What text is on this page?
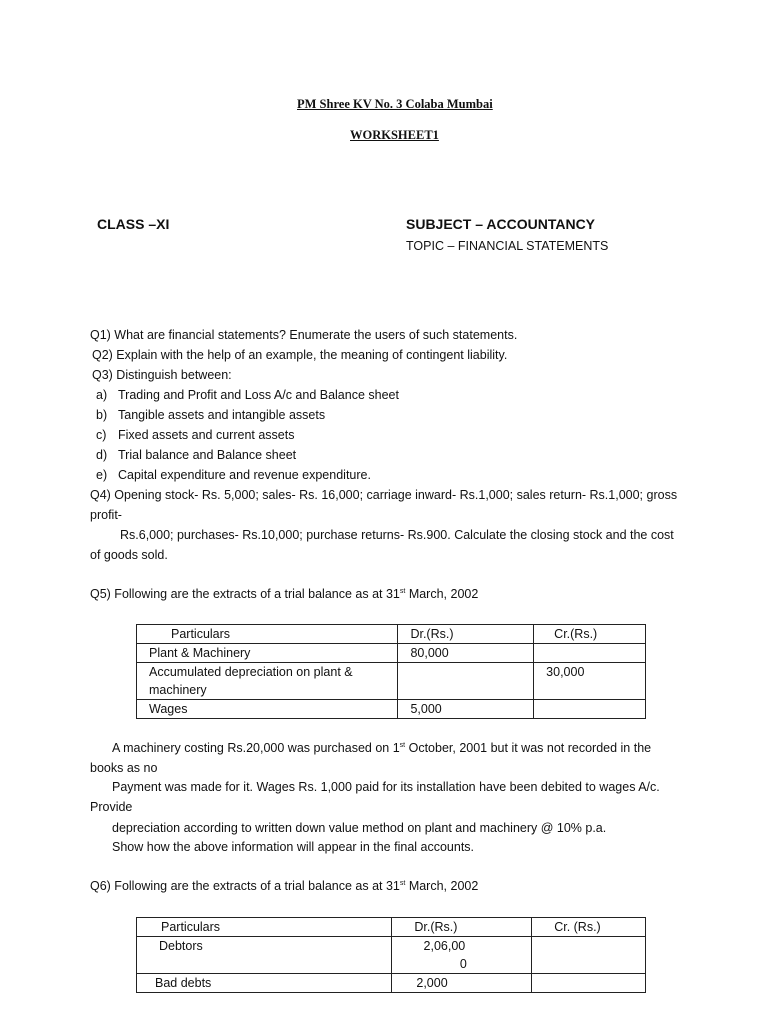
PM Shree KV No. 3 Colaba Mumbai
WORKSHEET1
CLASS –XI	SUBJECT – ACCOUNTANCY
TOPIC – FINANCIAL STATEMENTS
Q1) What are financial statements? Enumerate the users of such statements.
Q2) Explain with the help of an example, the meaning of contingent liability.
Q3) Distinguish between:
a) Trading and Profit and Loss A/c and Balance sheet
b) Tangible assets and intangible assets
c) Fixed assets and current assets
d) Trial balance and Balance sheet
e) Capital expenditure and revenue expenditure.
Q4) Opening stock- Rs. 5,000; sales- Rs. 16,000; carriage inward- Rs.1,000; sales return- Rs.1,000; gross
profit-
Rs.6,000; purchases- Rs.10,000; purchase returns- Rs.900. Calculate the closing stock and the cost
of goods sold.
Q5) Following are the extracts of a trial balance as at 31st March, 2002
Particulars	Dr.(Rs.)	Cr.(Rs.)
Plant & Machinery	80,000	

Accumulated depreciation on plant &
machinery		30,000
Wages	5,000	
A machinery costing Rs.20,000 was purchased on 1st October, 2001 but it was not recorded in the
books as no
Payment was made for it. Wages Rs. 1,000 paid for its installation have been debited to wages A/c.
Provide
depreciation according to written down value method on plant and machinery @ 10% p.a.
Show how the above information will appear in the final accounts.
Q6) Following are the extracts of a trial balance as at 31st March, 2002
Particulars	Dr.(Rs.)	Cr. (Rs.)
Debtors	2,06,00
0	

Bad debts	2,000	
